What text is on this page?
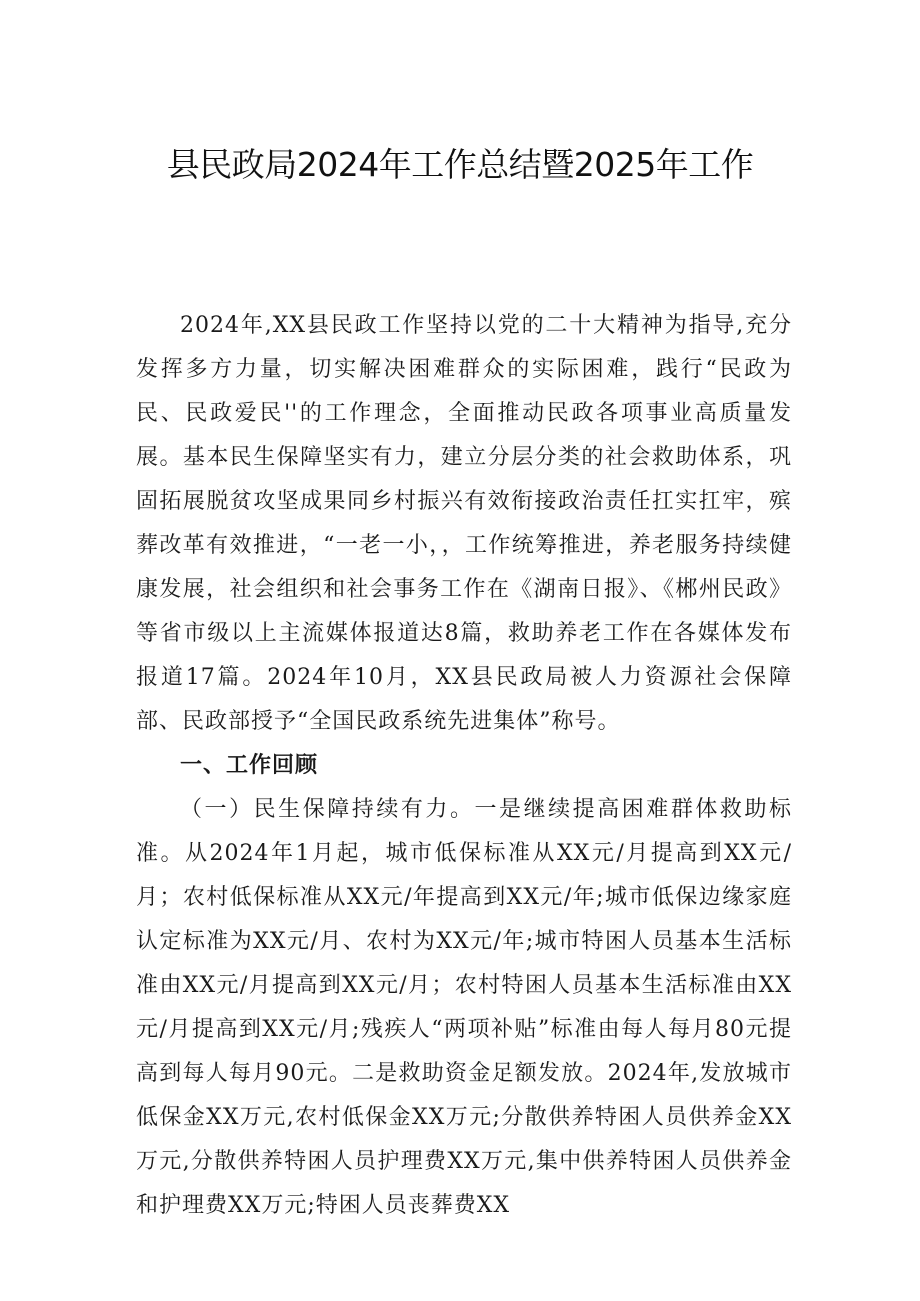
县民政局2024年工作总结暨2025年工作

2024年,XX县民政工作坚持以党的二十大精神为指导,充分发挥多方力量，切实解决困难群众的实际困难，践行“民政为民、民政爱民''的工作理念，全面推动民政各项事业高质量发展。基本民生保障坚实有力，建立分层分类的社会救助体系，巩固拓展脱贫攻坚成果同乡村振兴有效衔接政治责任扛实扛牢，殡葬改革有效推进，“一老一小，，工作统筹推进，养老服务持续健康发展，社会组织和社会事务工作在《湖南日报》、《郴州民政》等省市级以上主流媒体报道达8篇，救助养老工作在各媒体发布报道17篇。2024年10月，XX县民政局被人力资源社会保障部、民政部授予“全国民政系统先进集体”称号。

一、工作回顾

（一）民生保障持续有力。一是继续提高困难群体救助标准。从2024年1月起，城市低保标准从XX元/月提高到XX元/月；农村低保标准从XX元/年提高到XX元/年;城市低保边缘家庭认定标准为XX元/月、农村为XX元/年;城市特困人员基本生活标准由XX元/月提高到XX元/月；农村特困人员基本生活标准由XX元/月提高到XX元/月;残疾人“两项补贴”标准由每人每月80元提高到每人每月90元。二是救助资金足额发放。2024年,发放城市低保金XX万元,农村低保金XX万元;分散供养特困人员供养金XX万元,分散供养特困人员护理费XX万元,集中供养特困人员供养金和护理费XX万元;特困人员丧葬费XX
